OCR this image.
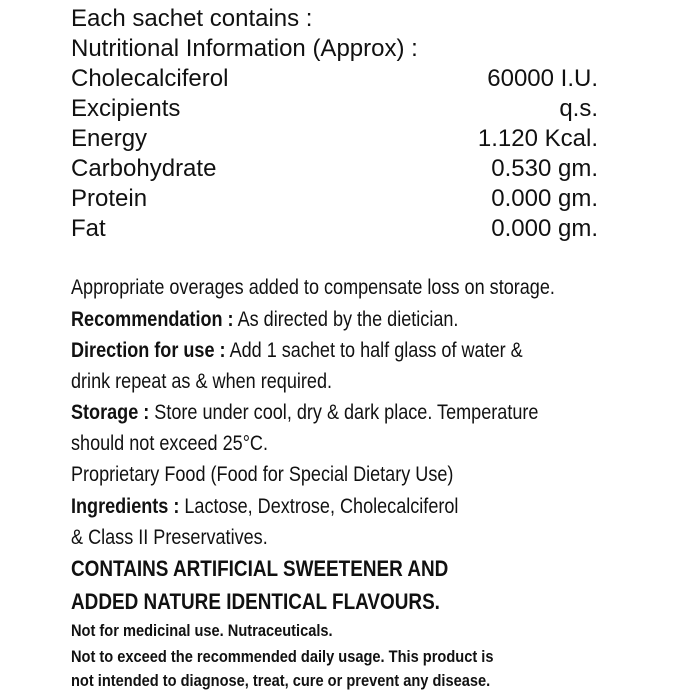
Each sachet contains :
Nutritional Information (Approx) :
Cholecalciferol	60000 I.U.
Excipients	q.s.
Energy	1.120 Kcal.
Carbohydrate	0.530 gm.
Protein	0.000 gm.
Fat	0.000 gm.
Appropriate overages added to compensate loss on storage.
Recommendation : As directed by the dietician.
Direction for use : Add 1 sachet to half glass of water &
drink repeat as & when required.
Storage : Store under cool, dry & dark place. Temperature
should not exceed 25°C.
Proprietary Food (Food for Special Dietary Use)
Ingredients : Lactose, Dextrose, Cholecalciferol
& Class II Preservatives.
CONTAINS ARTIFICIAL SWEETENER AND
ADDED NATURE IDENTICAL FLAVOURS.
Not for medicinal use. Nutraceuticals.
Not to exceed the recommended daily usage. This product is
not intended to diagnose, treat, cure or prevent any disease.
